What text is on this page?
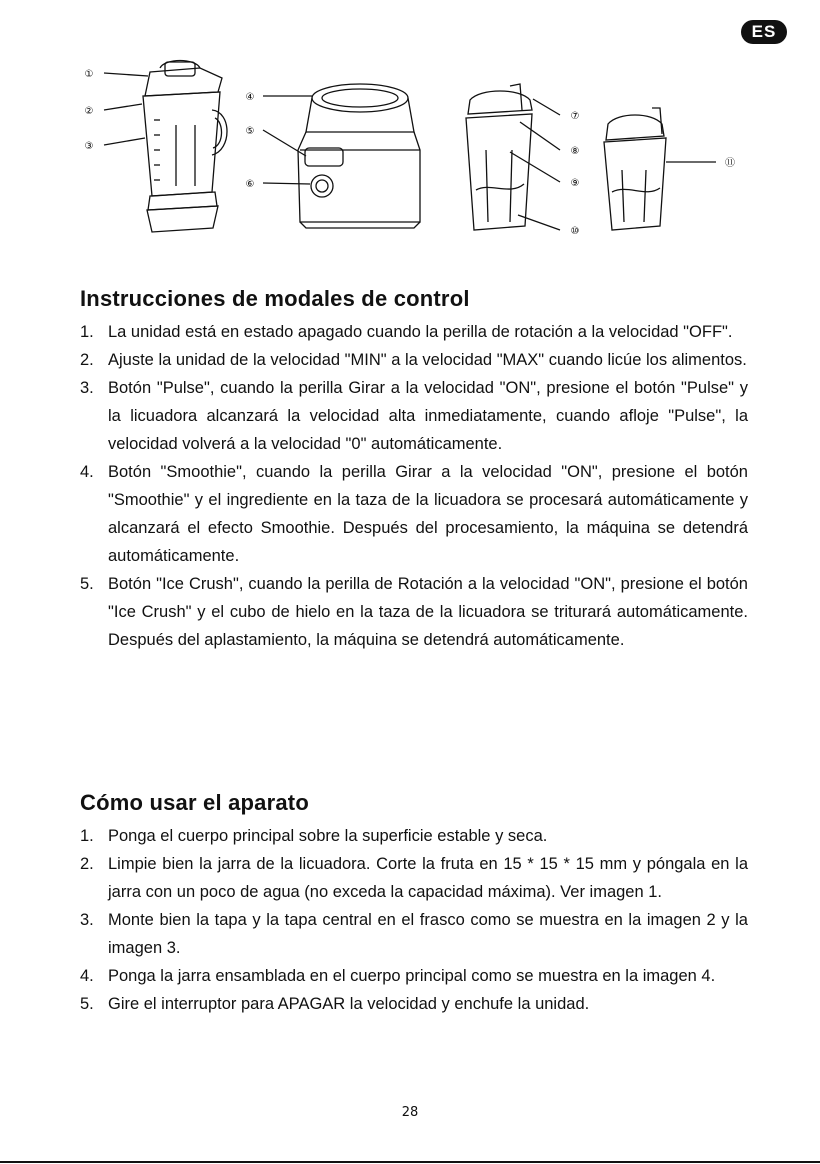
ES
①
②
③
④
⑤
⑥
⑦
⑧
⑨
⑩
⑪
Instrucciones de modales de control
1. La unidad está en estado apagado cuando la perilla de rotación a la velocidad "OFF".
2. Ajuste la unidad de la velocidad "MIN" a la velocidad "MAX" cuando licúe los alimentos.
3. Botón "Pulse", cuando la perilla Girar a la velocidad "ON", presione el botón "Pulse" y la licuadora alcanzará la velocidad alta inmediatamente, cuando afloje "Pulse", la velocidad volverá a la velocidad "0" automáticamente.
4. Botón "Smoothie", cuando la perilla Girar a la velocidad "ON", presione el botón "Smoothie" y el ingrediente en la taza de la licuadora se procesará automáticamente y alcanzará el efecto Smoothie. Después del procesamiento, la máquina se detendrá automáticamente.
5. Botón "Ice Crush", cuando la perilla de Rotación a la velocidad "ON", presione el botón "Ice Crush" y el cubo de hielo en la taza de la licuadora se triturará automáticamente. Después del aplastamiento, la máquina se detendrá automáticamente.
Cómo usar el aparato
1. Ponga el cuerpo principal sobre la superficie estable y seca.
2. Limpie bien la jarra de la licuadora. Corte la fruta en 15 * 15 * 15 mm y póngala en la jarra con un poco de agua (no exceda la capacidad máxima). Ver imagen 1.
3. Monte bien la tapa y la tapa central en el frasco como se muestra en la imagen 2 y la imagen 3.
4. Ponga la jarra ensamblada en el cuerpo principal como se muestra en la imagen 4.
5. Gire el interruptor para APAGAR la velocidad y enchufe la unidad.
28
